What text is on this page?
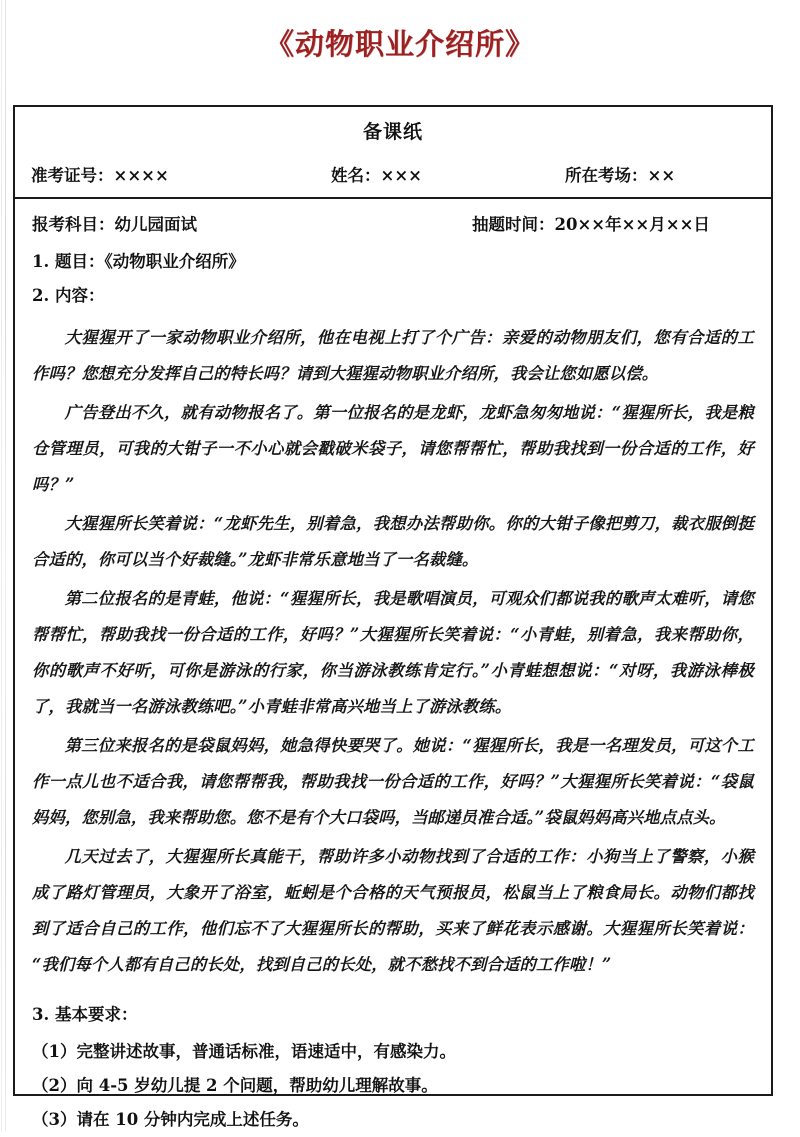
《动物职业介绍所》
备课纸
准考证号：××××	姓名：×××	所在考场：××
报考科目：幼儿园面试	抽题时间：20××年××月××日
1. 题目：《动物职业介绍所》
2. 内容：

大猩猩开了一家动物职业介绍所，他在电视上打了个广告：亲爱的动物朋友们，您有合适的工作吗？您想充分发挥自己的特长吗？请到大猩猩动物职业介绍所，我会让您如愿以偿。

广告登出不久，就有动物报名了。第一位报名的是龙虾，龙虾急匆匆地说：“猩猩所长，我是粮仓管理员，可我的大钳子一不小心就会戳破米袋子，请您帮帮忙，帮助我找到一份合适的工作，好吗？”

大猩猩所长笑着说：“龙虾先生，别着急，我想办法帮助你。你的大钳子像把剪刀，裁衣服倒挺合适的，你可以当个好裁缝。”龙虾非常乐意地当了一名裁缝。

第二位报名的是青蛙，他说：“猩猩所长，我是歌唱演员，可观众们都说我的歌声太难听，请您帮帮忙，帮助我找一份合适的工作，好吗？”大猩猩所长笑着说：“小青蛙，别着急，我来帮助你，你的歌声不好听，可你是游泳的行家，你当游泳教练肯定行。”小青蛙想想说：“对呀，我游泳棒极了，我就当一名游泳教练吧。”小青蛙非常高兴地当上了游泳教练。

第三位来报名的是袋鼠妈妈，她急得快要哭了。她说：“猩猩所长，我是一名理发员，可这个工作一点儿也不适合我，请您帮帮我，帮助我找一份合适的工作，好吗？”大猩猩所长笑着说：“袋鼠妈妈，您别急，我来帮助您。您不是有个大口袋吗，当邮递员准合适。”袋鼠妈妈高兴地点点头。

几天过去了，大猩猩所长真能干，帮助许多小动物找到了合适的工作：小狗当上了警察，小猴成了路灯管理员，大象开了浴室，蚯蚓是个合格的天气预报员，松鼠当上了粮食局长。动物们都找到了适合自己的工作，他们忘不了大猩猩所长的帮助，买来了鲜花表示感谢。大猩猩所长笑着说：“我们每个人都有自己的长处，找到自己的长处，就不愁找不到合适的工作啦！”

3. 基本要求：
（1）完整讲述故事，普通话标准，语速适中，有感染力。
（2）向 4-5 岁幼儿提 2 个问题，帮助幼儿理解故事。
（3）请在 10 分钟内完成上述任务。
